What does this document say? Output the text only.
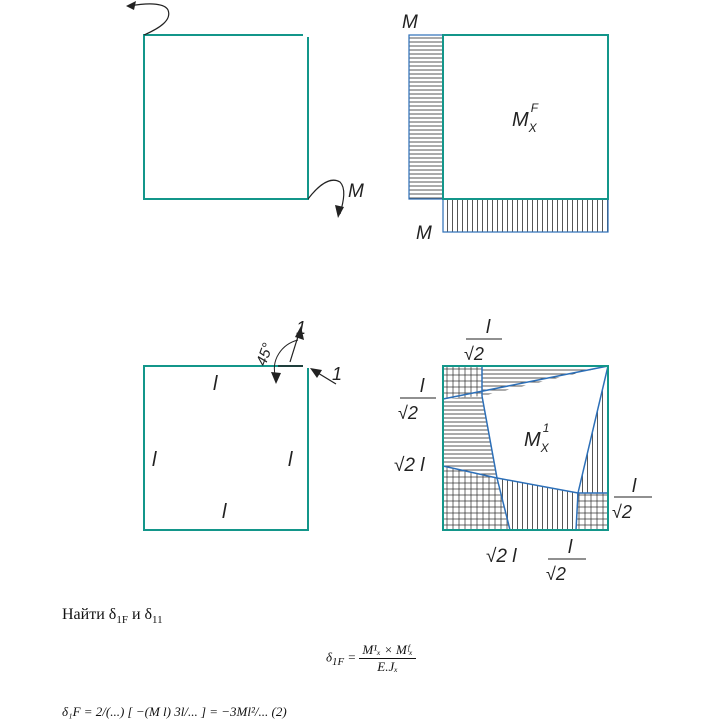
M
M
M
$M_XF$
45°
1
1
l
l	l
l
$M_X1$
l
√2
l
√2
√2 l
l
√2
√2 l	l
√2
Найти $\delta_{1F}$ и $\delta_{11}$
$\delta_{1F} = \frac{\text{M¹ₓ × Mᶠₓ}}{\text{E.Jₓ}}$
δ₁F = 2/(...) [ −(M l) 3l/... ] = −3Ml²/... (2)
